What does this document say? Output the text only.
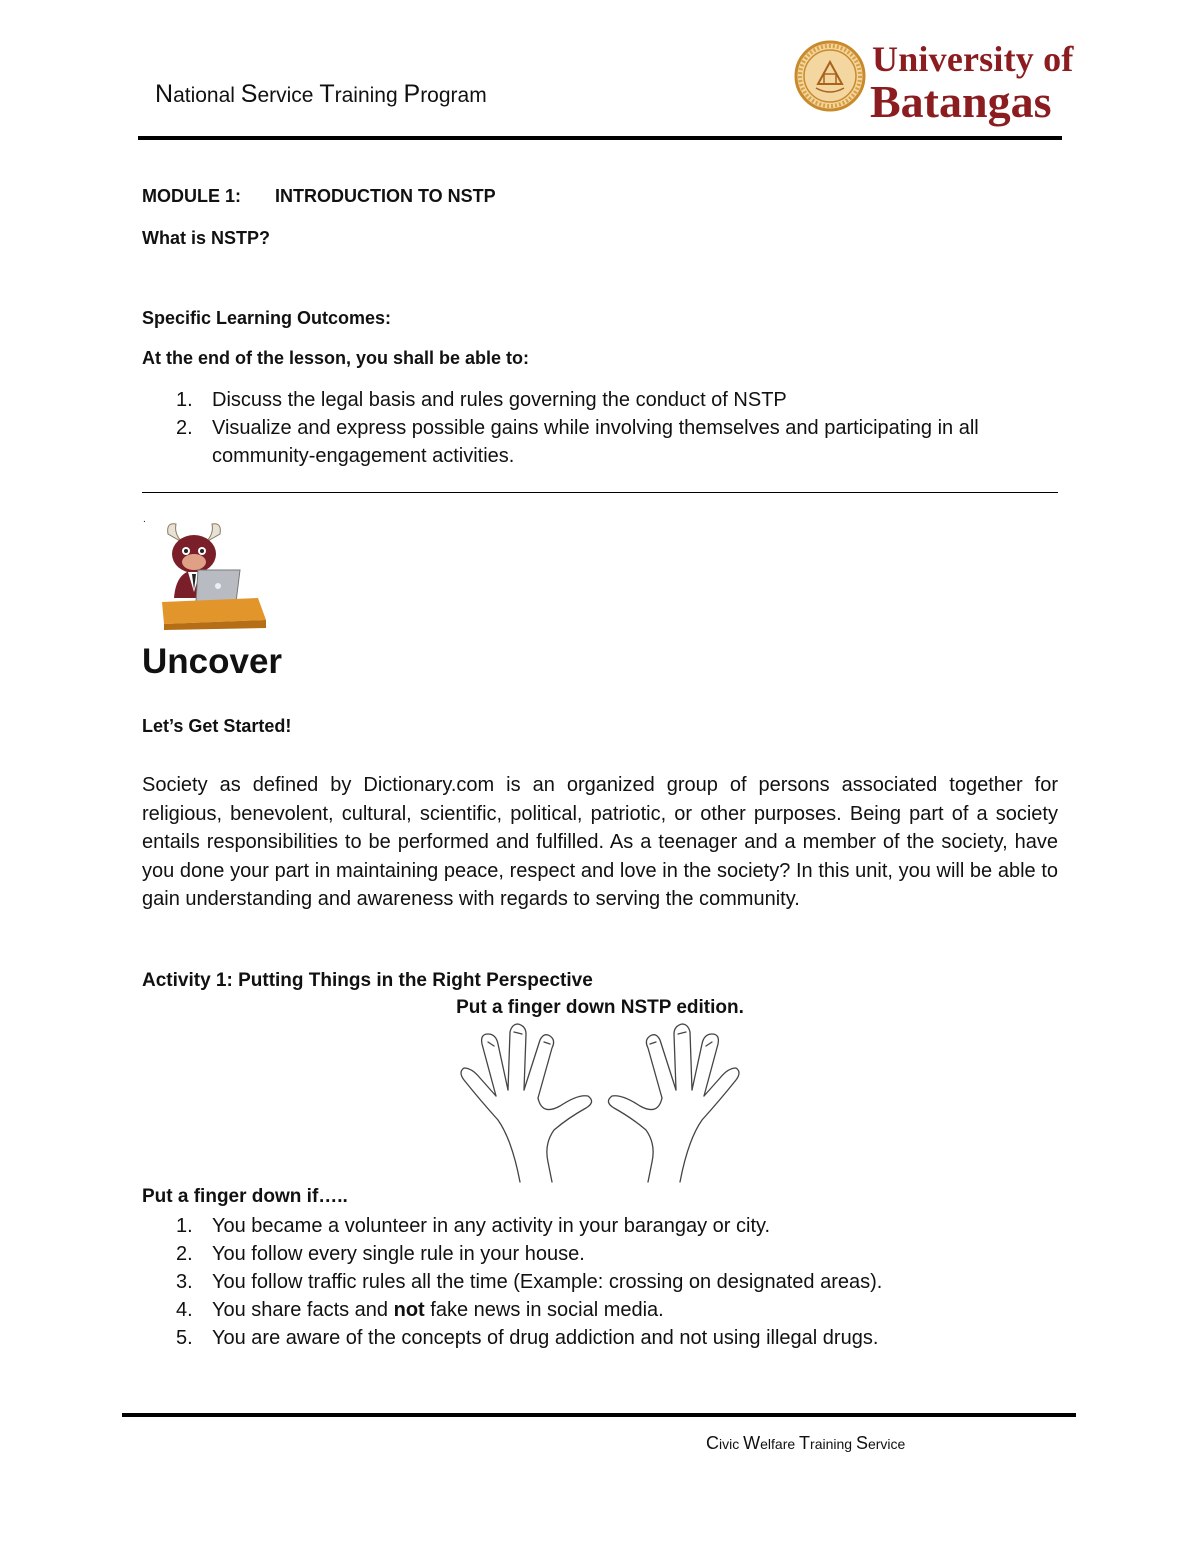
National Service Training Program
University of
Batangas
MODULE 1: INTRODUCTION TO NSTP
What is NSTP?
Specific Learning Outcomes:
At the end of the lesson, you shall be able to:
1. Discuss the legal basis and rules governing the conduct of NSTP
2. Visualize and express possible gains while involving themselves and participating in all community-engagement activities.
.
Uncover
Let’s Get Started!

Society as defined by Dictionary.com is an organized group of persons associated together for religious, benevolent, cultural, scientific, political, patriotic, or other purposes. Being part of a society entails responsibilities to be performed and fulfilled. As a teenager and a member of the society, have you done your part in maintaining peace, respect and love in the society? In this unit, you will be able to gain understanding and awareness with regards to serving the community.

Activity 1: Putting Things in the Right Perspective
Put a finger down NSTP edition.
Put a finger down if…..
1. You became a volunteer in any activity in your barangay or city.
2. You follow every single rule in your house.
3. You follow traffic rules all the time (Example: crossing on designated areas).
4. You share facts and not fake news in social media.
5. You are aware of the concepts of drug addiction and not using illegal drugs.
Civic Welfare Training Service
